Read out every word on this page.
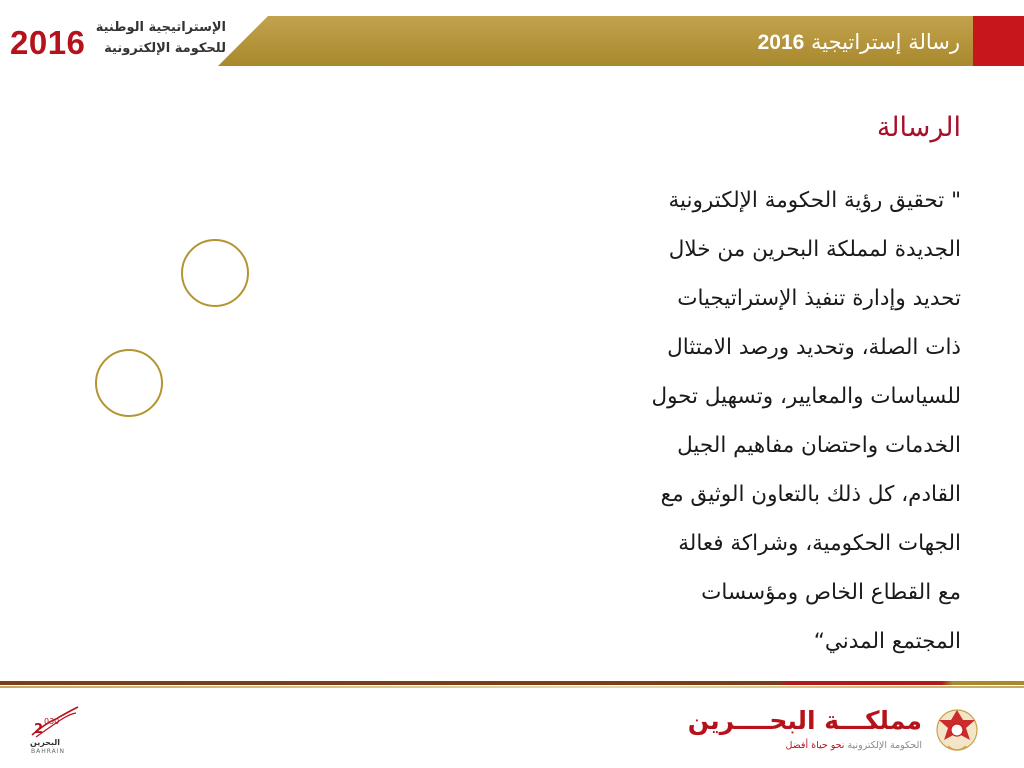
2016 الإستراتيجية الوطنية
للحكومة الإلكترونية	رسالة إستراتيجية 2016
الرسالة
" تحقيق رؤية الحكومة الإلكترونية
الجديدة لمملكة البحرين من خلال
تحديد وإدارة تنفيذ الإستراتيجيات
ذات الصلة، وتحديد ورصد الامتثال
للسياسات والمعايير، وتسهيل تحول
الخدمات واحتضان مفاهيم الجيل
القادم، كل ذلك بالتعاون الوثيق مع
الجهات الحكومية، وشراكة فعالة
مع القطاع الخاص ومؤسسات
المجتمع المدني“
2
030
البحرين
BAHRAIN
مملكـــة البحــــرين
الحكومة الإلكترونية نحو حياة أفضل
